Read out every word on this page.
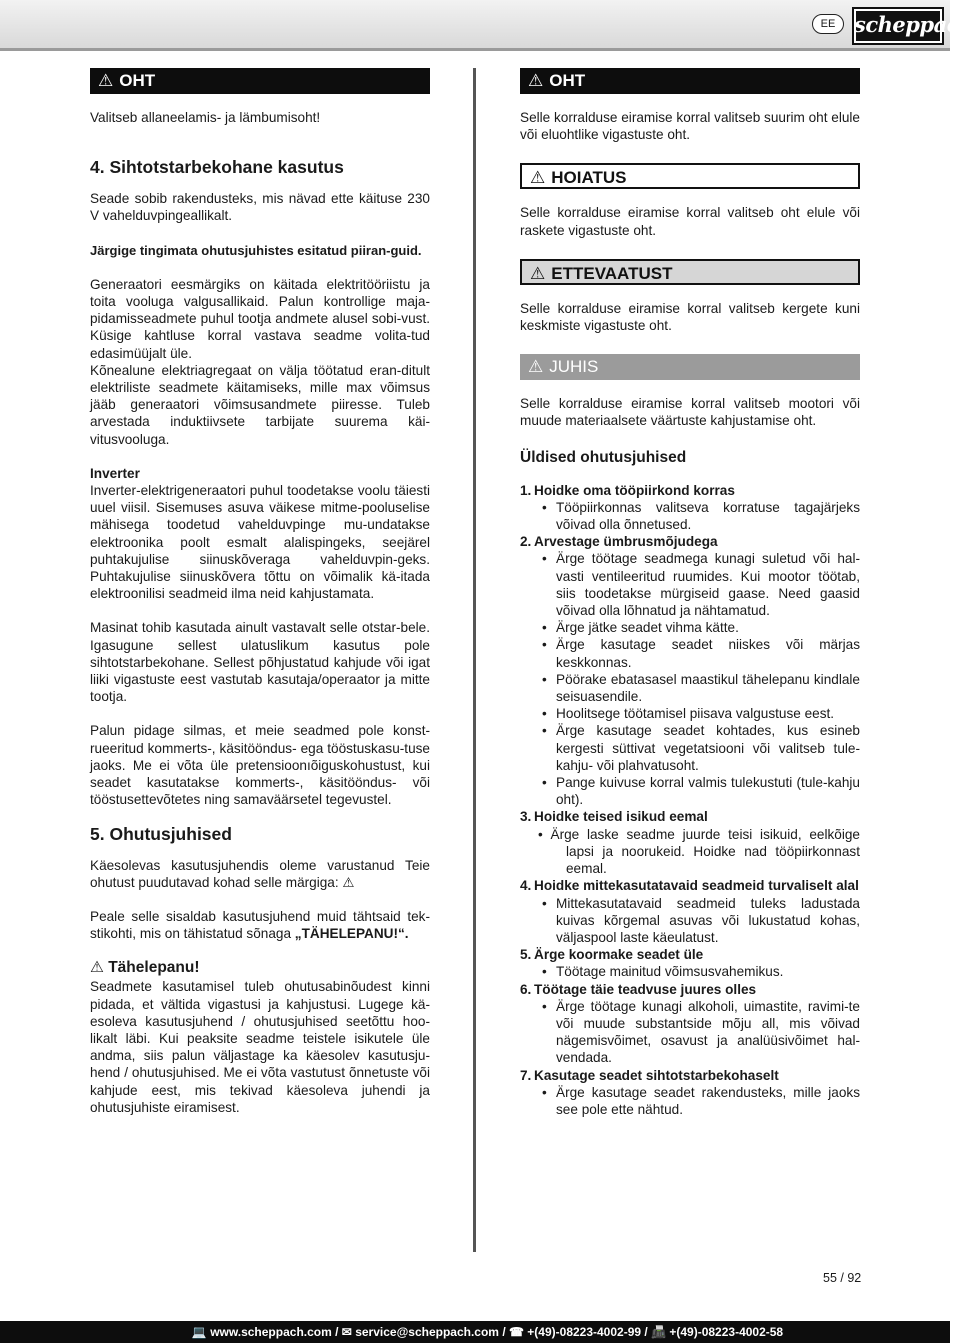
EE scheppach
⚠ OHT

Valitseb allaneelamis- ja lämbumisoht!

4. Sihtotstarbekohane kasutus

Seade sobib rakendusteks, mis nävad ette käituse 230 V vahelduvpingeallikalt.

Järgige tingimata ohutusjuhistes esitatud piiran-guid.

Generaatori eesmärgiks on käitada elektritööriistu ja toita vooluga valgusallikaid. Palun kontrollige maja-pidamisseadmete puhul tootja andmete alusel sobi-vust. Küsige kahtluse korral vastava seadme volita-tud edasimüüjalt üle.

Kõnealune elektriagregaat on välja töötatud eran-ditult elektriliste seadmete käitamiseks, mille max võimsus jääb generaatori võimsusandmete piiresse. Tuleb arvestada induktiivsete tarbijate suurema käi-vitusvooluga.

Inverter

Inverter-elektrigeneraatori puhul toodetakse voolu täiesti uuel viisil. Sisemuses asuva väikese mitme-pooluselise mähisega toodetud vahelduvpinge mu-undatakse elektroonika poolt esmalt alalispingeks, seejärel puhtakujulise siinuskõveraga vahelduvpin-geks. Puhtakujulise siinuskõvera tõttu on võimalik kä-itada elektroonilisi seadmeid ilma neid kahjustamata.

Masinat tohib kasutada ainult vastavalt selle otstar-bele. Igasugune sellest ulatuslikum kasutus pole sihtotstarbekohane. Sellest põhjustatud kahjude või igat liiki vigastuste eest vastutab kasutaja/operaator ja mitte tootja.

Palun pidage silmas, et meie seadmed pole konst-rueeritud kommerts-, käsitööndus- ega tööstuskasu-tuse jaoks. Me ei võta üle pretensioonıõiguskohustust, kui seadet kasutatakse kommerts-, käsitööndus- või tööstusettevõtetes ning samaväärsetel tegevustel.

5. Ohutusjuhised

Käesolevas kasutusjuhendis oleme varustanud Teie ohutust puudutavad kohad selle märgiga: ⚠

Peale selle sisaldab kasutusjuhend muid tähtsaid tek-stikohti, mis on tähistatud sõnaga „TÄHELEPANU!“.

⚠ Tähelepanu!

Seadmete kasutamisel tuleb ohutusabinõudest kinni pidada, et vältida vigastusi ja kahjustusi. Lugege kä-esoleva kasutusjuhend / ohutusjuhised seetõttu hoo-likalt läbi. Kui peaksite seadme teistele isikutele üle andma, siis palun väljastage ka käesolev kasutusju-hend / ohutusjuhised. Me ei võta vastutust õnnetuste või kahjude eest, mis tekivad käesoleva juhendi ja ohutusjuhiste eiramisest.

⚠ OHT

Selle korralduse eiramise korral valitseb suurim oht elule või eluohtlike vigastuste oht.

⚠ HOIATUS

Selle korralduse eiramise korral valitseb oht elule või raskete vigastuste oht.

⚠ ETTEVAATUST

Selle korralduse eiramise korral valitseb kergete kuni keskmiste vigastuste oht.

⚠ JUHIS

Selle korralduse eiramise korral valitseb mootori või muude materiaalsete väärtuste kahjustamise oht.

Üldised ohutusjuhised
1. Hoidke oma tööpiirkond korras
• Tööpiirkonnas valitseva korratuse tagajärjeks võivad olla õnnetused.
2. Arvestage ümbrusmõjudega
• Ärge töötage seadmega kunagi suletud või hal-vasti ventileeritud ruumides. Kui mootor töötab, siis toodetakse mürgiseid gaase. Need gaasid võivad olla lõhnatud ja nähtamatud.
• Ärge jätke seadet vihma kätte.
• Ärge kasutage seadet niiskes või märjas keskkonnas.
• Pöörake ebatasasel maastikul tähelepanu kindlale seisuasendile.
• Hoolitsege töötamisel piisava valgustuse eest.
• Ärge kasutage seadet kohtades, kus esineb kergesti süttivat vegetatsiooni või valitseb tule-kahju- või plahvatusoht.
• Pange kuivuse korral valmis tulekustuti (tule-kahju oht).
3. Hoidke teised isikud eemal
• Ärge laske seadme juurde teisi isikuid, eelkõige lapsi ja noorukeid. Hoidke nad tööpiirkonnast eemal.
4. Hoidke mittekasutatavaid seadmeid turvaliselt alal
• Mittekasutatavaid seadmeid tuleks ladustada kuivas kõrgemal asuvas või lukustatud kohas, väljaspool laste käeulatust.
5. Ärge koormake seadet üle
• Töötage mainitud võimsusvahemikus.
6. Töötage täie teadvuse juures olles
• Ärge töötage kunagi alkoholi, uimastite, ravimi-te või muude substantside mõju all, mis võivad nägemisvõimet, osavust ja analüüsivõimet hal-vendada.
7. Kasutage seadet sihtotstarbekohaselt
• Ärge kasutage seadet rakendusteks, mille jaoks see pole ette nähtud.
55 / 92
💻 www.scheppach.com / ✉ service@scheppach.com / ☎ +(49)-08223-4002-99 / 📠 +(49)-08223-4002-58
